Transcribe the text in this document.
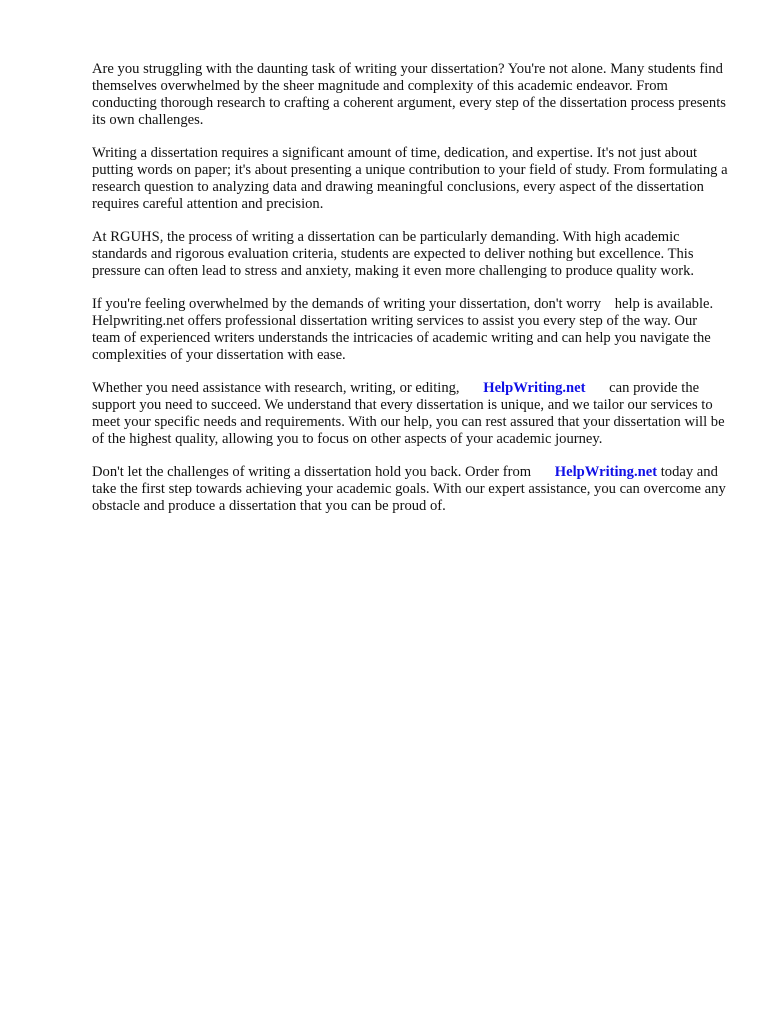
Are you struggling with the daunting task of writing your dissertation? You're not alone. Many students find themselves overwhelmed by the sheer magnitude and complexity of this academic endeavor. From conducting thorough research to crafting a coherent argument, every step of the dissertation process presents its own challenges.

Writing a dissertation requires a significant amount of time, dedication, and expertise. It's not just about putting words on paper; it's about presenting a unique contribution to your field of study. From formulating a research question to analyzing data and drawing meaningful conclusions, every aspect of the dissertation requires careful attention and precision.

At RGUHS, the process of writing a dissertation can be particularly demanding. With high academic standards and rigorous evaluation criteria, students are expected to deliver nothing but excellence. This pressure can often lead to stress and anxiety, making it even more challenging to produce quality work.

If you're feeling overwhelmed by the demands of writing your dissertation, don't worry help is available. Helpwriting.net offers professional dissertation writing services to assist you every step of the way. Our team of experienced writers understands the intricacies of academic writing and can help you navigate the complexities of your dissertation with ease.

Whether you need assistance with research, writing, or editing, HelpWriting.net can provide the support you need to succeed. We understand that every dissertation is unique, and we tailor our services to meet your specific needs and requirements. With our help, you can rest assured that your dissertation will be of the highest quality, allowing you to focus on other aspects of your academic journey.

Don't let the challenges of writing a dissertation hold you back. Order from HelpWriting.net today and take the first step towards achieving your academic goals. With our expert assistance, you can overcome any obstacle and produce a dissertation that you can be proud of.
